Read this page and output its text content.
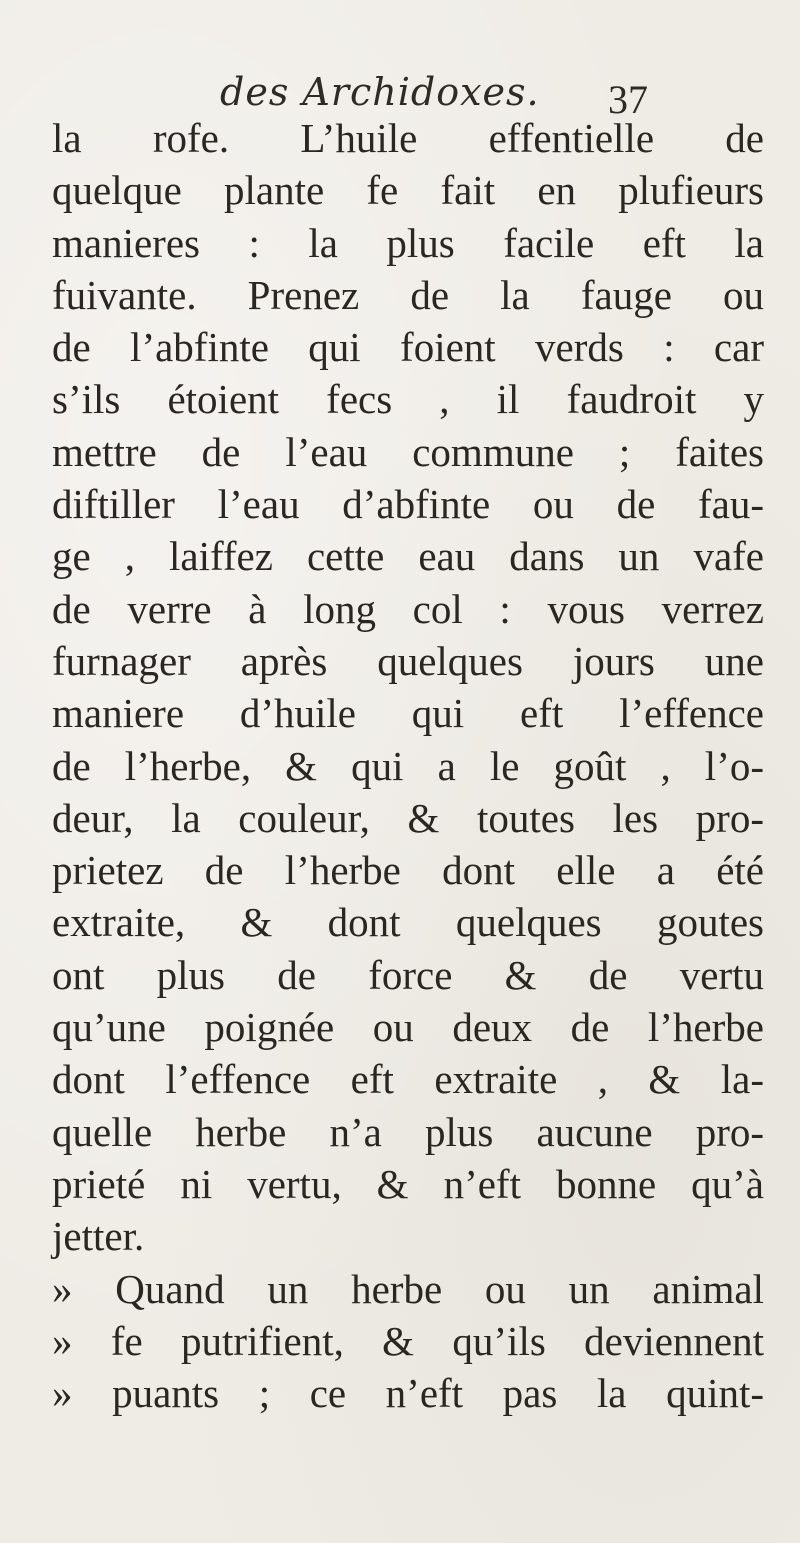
des Archidoxes. 37
la rofe. L’huile effentielle de
quelque plante fe fait en plufieurs
manieres : la plus facile eft la
fuivante. Prenez de la fauge ou
de l’abfinte qui foient verds : car
s’ils étoient fecs , il faudroit y
mettre de l’eau commune ; faites
diftiller l’eau d’abfinte ou de fau-
ge , laiffez cette eau dans un vafe
de verre à long col : vous verrez
furnager après quelques jours une
maniere d’huile qui eft l’effence
de l’herbe, & qui a le goût , l’o-
deur, la couleur, & toutes les pro-
prietez de l’herbe dont elle a été
extraite, & dont quelques goutes
ont plus de force & de vertu
qu’une poignée ou deux de l’herbe
dont l’effence eft extraite , & la-
quelle herbe n’a plus aucune pro-
prieté ni vertu, & n’eft bonne qu’à
jetter.
» Quand un herbe ou un animal
» fe putrifient, & qu’ils deviennent
» puants ; ce n’eft pas la quint-
